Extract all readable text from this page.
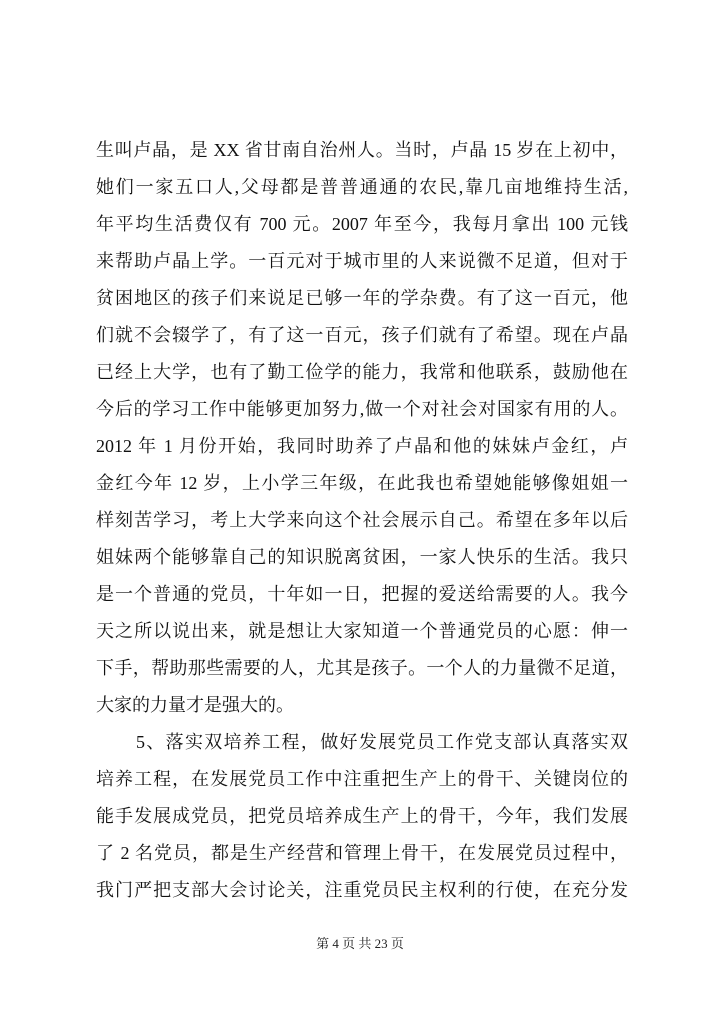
生叫卢晶，是 XX 省甘南自治州人。当时，卢晶 15 岁在上初中，
她们一家五口人,父母都是普普通通的农民,靠几亩地维持生活,
年平均生活费仅有 700 元。2007 年至今，我每月拿出 100 元钱
来帮助卢晶上学。一百元对于城市里的人来说微不足道，但对于
贫困地区的孩子们来说足已够一年的学杂费。有了这一百元，他
们就不会辍学了，有了这一百元，孩子们就有了希望。现在卢晶
已经上大学，也有了勤工俭学的能力，我常和他联系，鼓励他在
今后的学习工作中能够更加努力,做一个对社会对国家有用的人。
2012 年 1 月份开始，我同时助养了卢晶和他的妹妹卢金红，卢
金红今年 12 岁，上小学三年级，在此我也希望她能够像姐姐一
样刻苦学习，考上大学来向这个社会展示自己。希望在多年以后
姐妹两个能够靠自己的知识脱离贫困，一家人快乐的生活。我只
是一个普通的党员，十年如一日，把握的爱送给需要的人。我今
天之所以说出来，就是想让大家知道一个普通党员的心愿：伸一
下手，帮助那些需要的人，尤其是孩子。一个人的力量微不足道，
大家的力量才是强大的。
5、落实双培养工程，做好发展党员工作党支部认真落实双
培养工程，在发展党员工作中注重把生产上的骨干、关键岗位的
能手发展成党员，把党员培养成生产上的骨干，今年，我们发展
了 2 名党员，都是生产经营和管理上骨干，在发展党员过程中，
我门严把支部大会讨论关，注重党员民主权利的行使，在充分发
第 4 页 共 23 页
